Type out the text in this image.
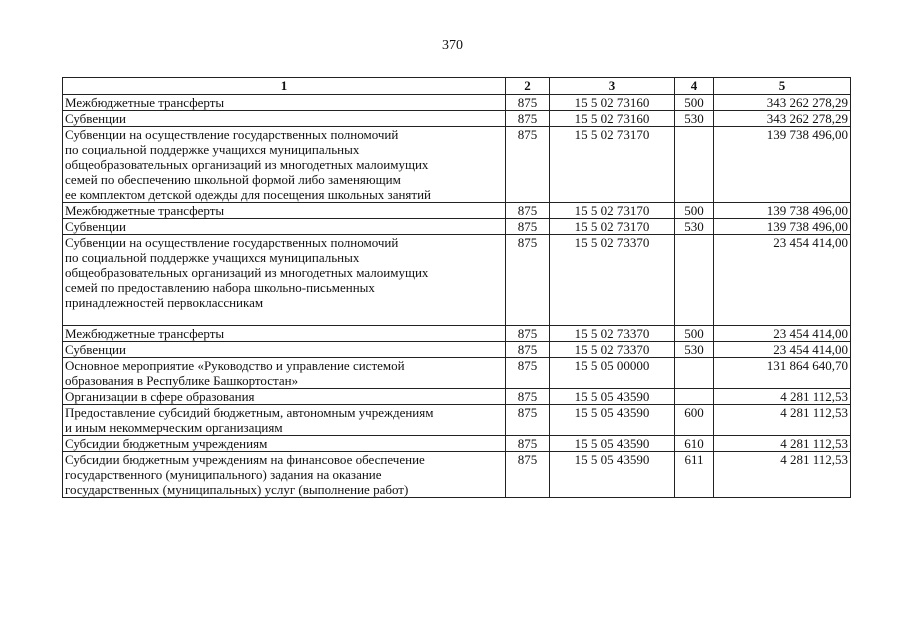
370
1	2	3	4	5
Межбюджетные трансферты	875	15 5 02 73160	500	343 262 278,29
Субвенции	875	15 5 02 73160	530	343 262 278,29
Субвенции на осуществление государственных полномочий
по социальной поддержке учащихся муниципальных
общеобразовательных организаций из многодетных малоимущих
семей по обеспечению школьной формой либо заменяющим
ее комплектом детской одежды для посещения школьных занятий	875	15 5 02 73170		139 738 496,00
Межбюджетные трансферты	875	15 5 02 73170	500	139 738 496,00
Субвенции	875	15 5 02 73170	530	139 738 496,00
Субвенции на осуществление государственных полномочий
по социальной поддержке учащихся муниципальных
общеобразовательных организаций из многодетных малоимущих
семей по предоставлению набора школьно-письменных
принадлежностей первоклассникам	875	15 5 02 73370		23 454 414,00
Межбюджетные трансферты	875	15 5 02 73370	500	23 454 414,00
Субвенции	875	15 5 02 73370	530	23 454 414,00
Основное мероприятие «Руководство и управление системой
образования в Республике Башкортостан»	875	15 5 05 00000		131 864 640,70
Организации в сфере образования	875	15 5 05 43590		4 281 112,53
Предоставление субсидий бюджетным, автономным учреждениям
и иным некоммерческим организациям	875	15 5 05 43590	600	4 281 112,53
Субсидии бюджетным учреждениям	875	15 5 05 43590	610	4 281 112,53
Субсидии бюджетным учреждениям на финансовое обеспечение
государственного (муниципального) задания на оказание
государственных (муниципальных) услуг (выполнение работ)	875	15 5 05 43590	611	4 281 112,53
